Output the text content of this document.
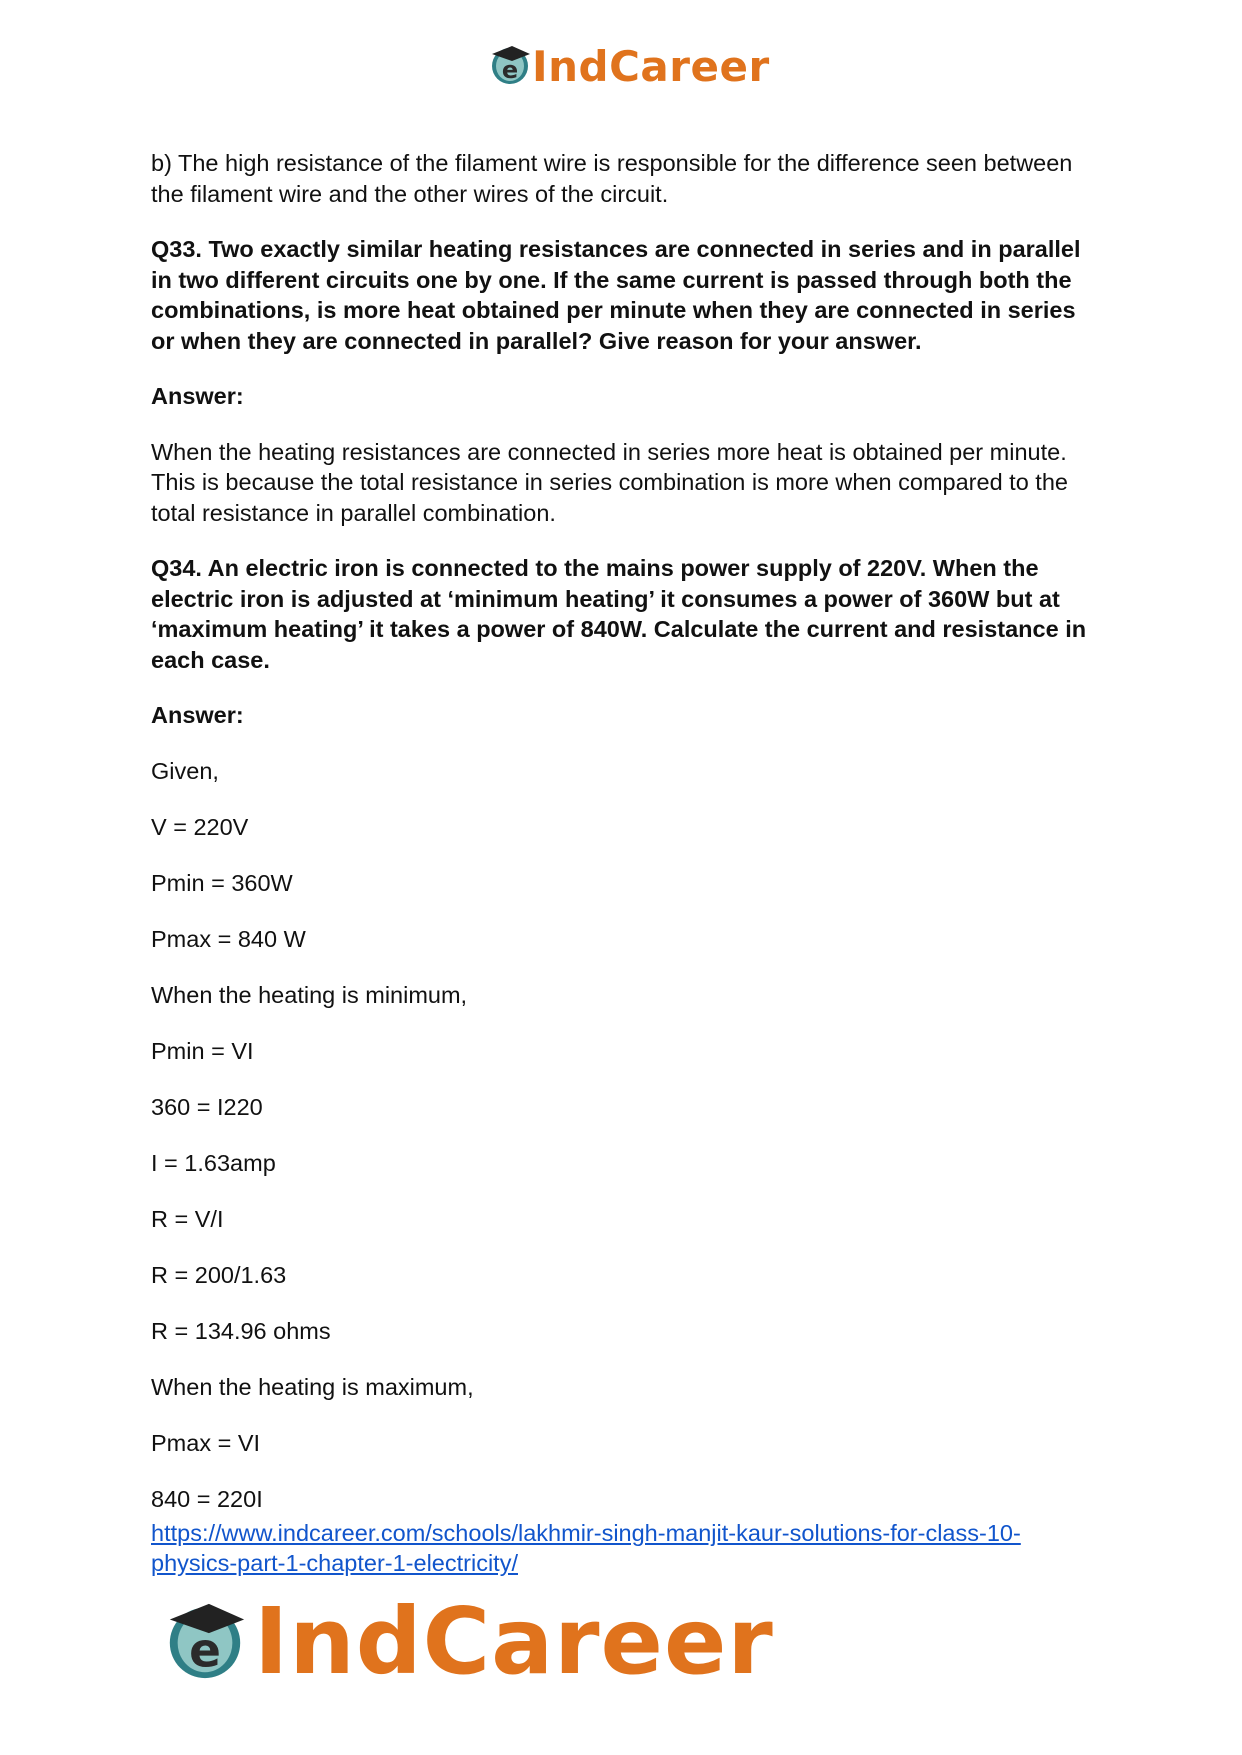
e IndCareer

b) The high resistance of the filament wire is responsible for the difference seen between the filament wire and the other wires of the circuit.

Q33. Two exactly similar heating resistances are connected in series and in parallel in two different circuits one by one. If the same current is passed through both the combinations, is more heat obtained per minute when they are connected in series or when they are connected in parallel? Give reason for your answer.

Answer:

When the heating resistances are connected in series more heat is obtained per minute. This is because the total resistance in series combination is more when compared to the total resistance in parallel combination.

Q34. An electric iron is connected to the mains power supply of 220V. When the electric iron is adjusted at ‘minimum heating’ it consumes a power of 360W but at ‘maximum heating’ it takes a power of 840W. Calculate the current and resistance in each case.

Answer:

Given,

V = 220V

Pmin = 360W

Pmax = 840 W

When the heating is minimum,

Pmin = VI

360 = I220

I = 1.63amp

R = V/I

R = 200/1.63

R = 134.96 ohms

When the heating is maximum,

Pmax = VI

840 = 220I

https://www.indcareer.com/schools/lakhmir-singh-manjit-kaur-solutions-for-class-10-physics-part-1-chapter-1-electricity/
e IndCareer
